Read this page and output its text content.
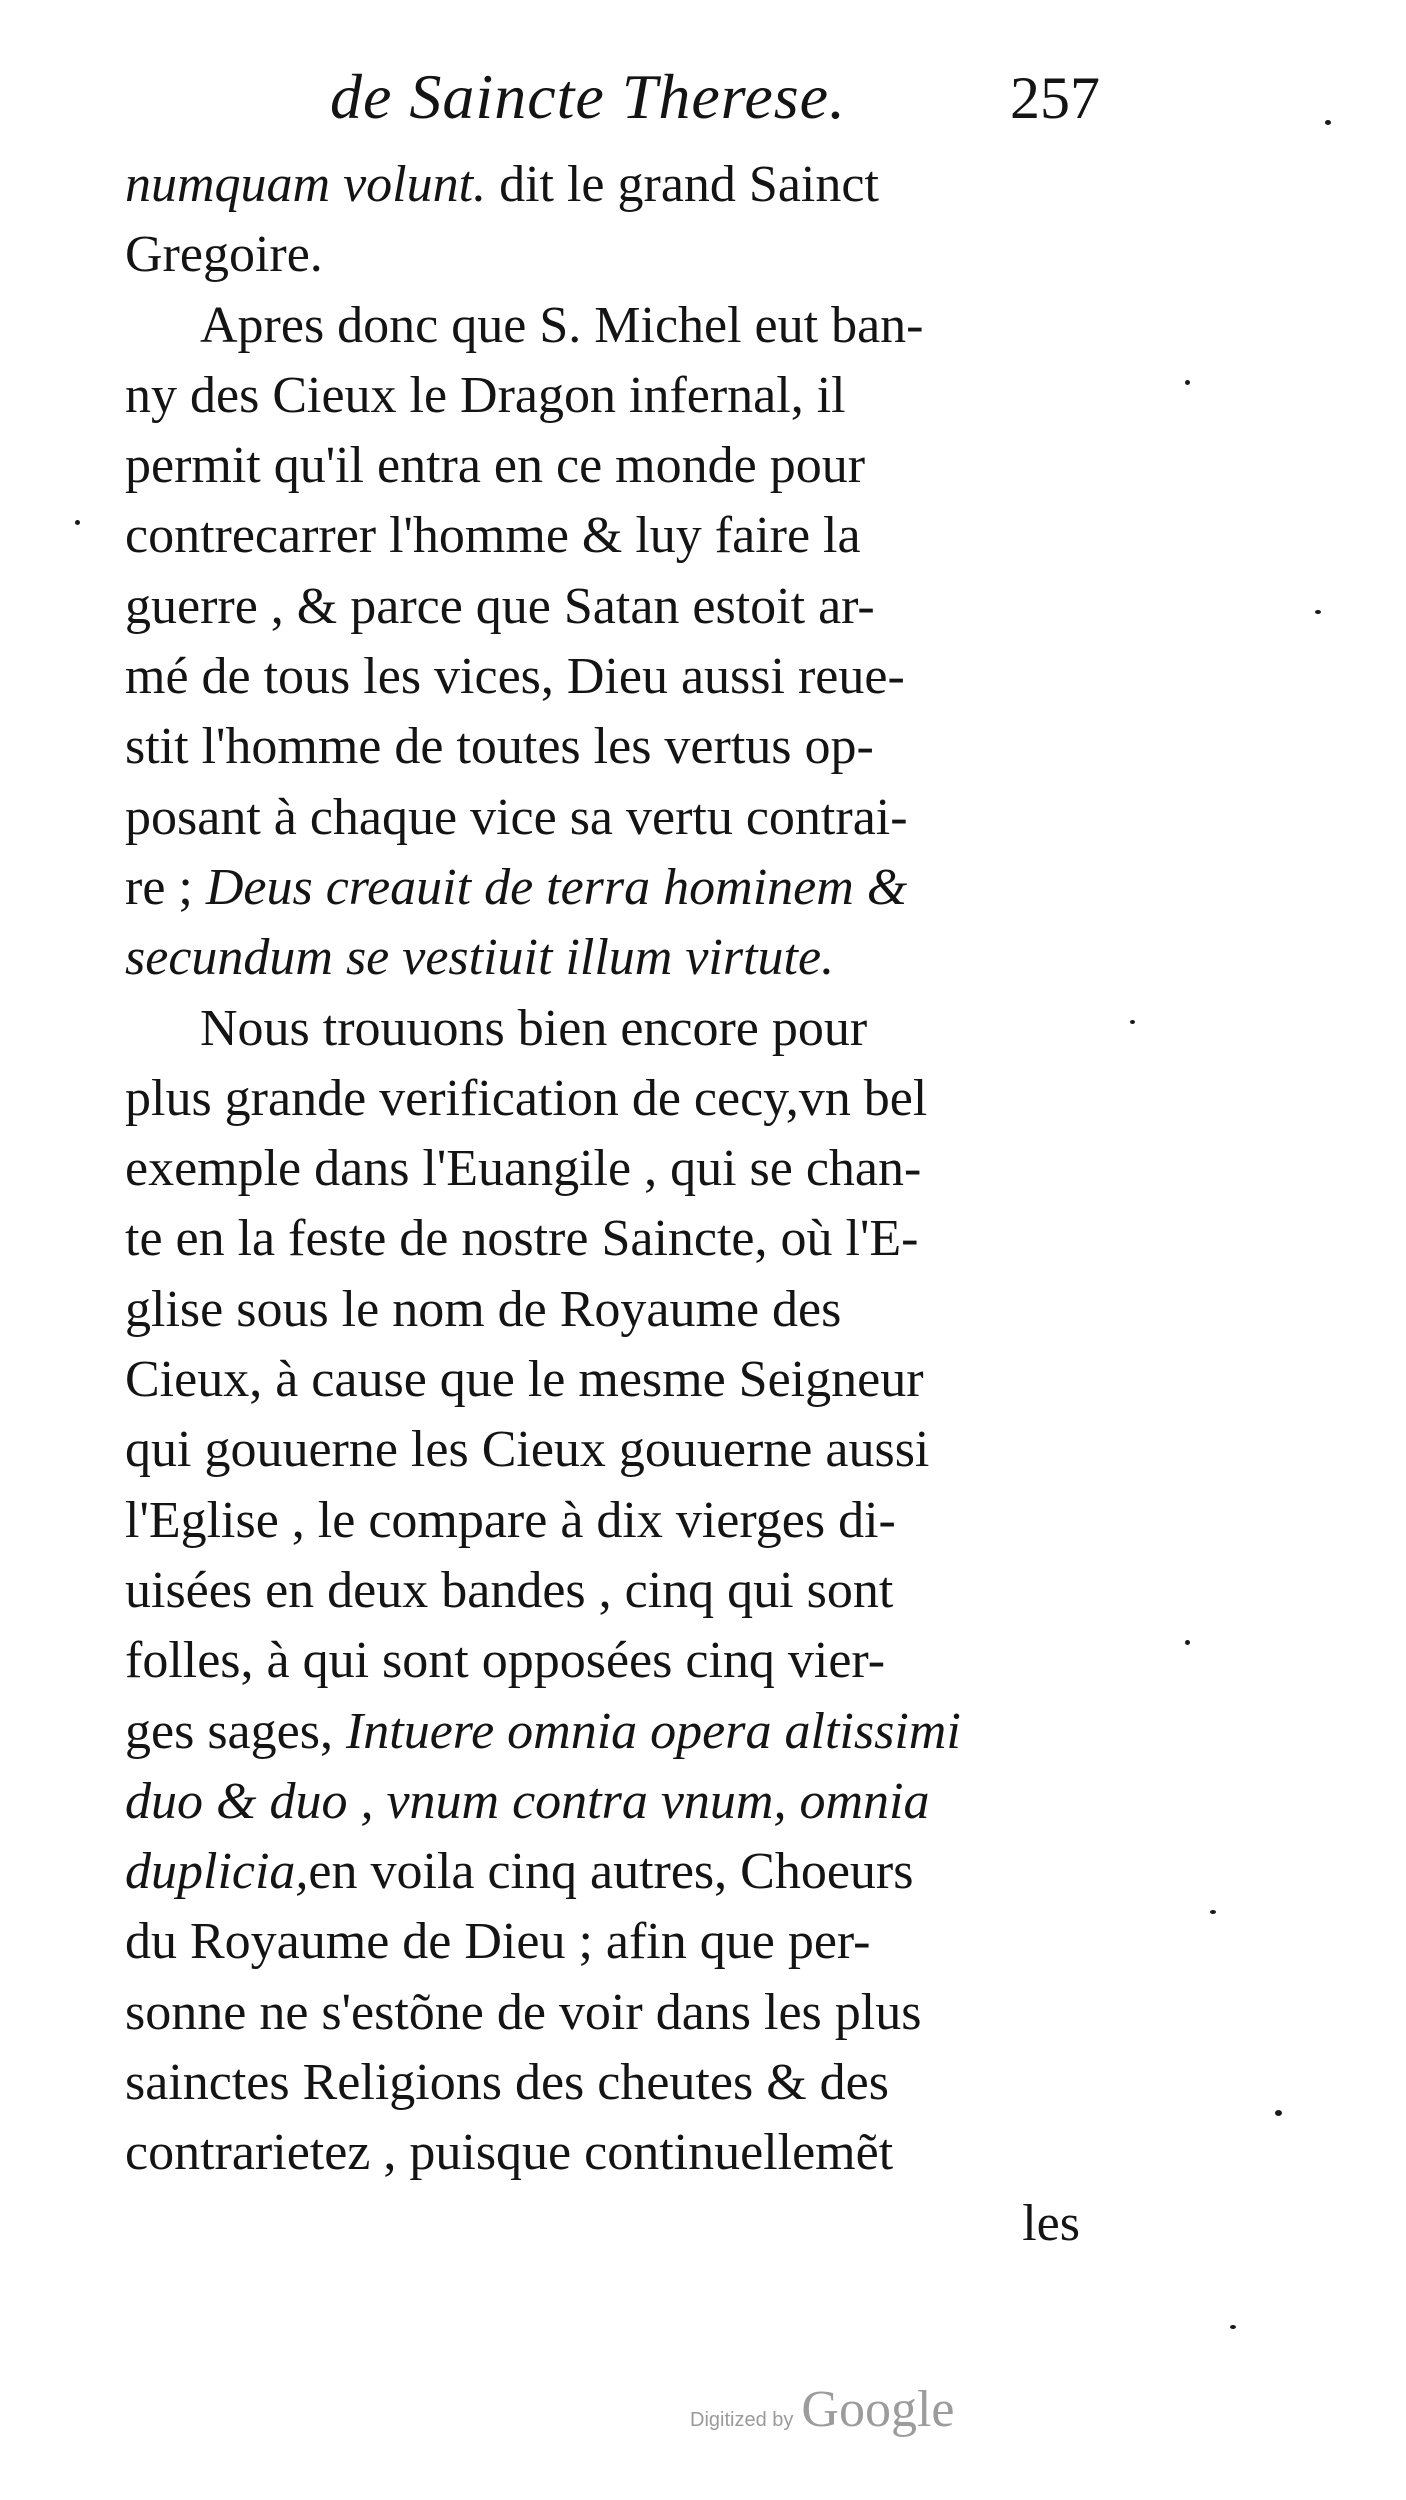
de Saincte Therese.	257
numquam volunt. dit le grand Sainct
Gregoire.
Apres donc que S. Michel eut ban-
ny des Cieux le Dragon infernal, il
permit qu'il entra en ce monde pour
contrecarrer l'homme & luy faire la
guerre , & parce que Satan estoit ar-
mé de tous les vices, Dieu aussi reue-
stit l'homme de toutes les vertus op-
posant à chaque vice sa vertu contrai-
re ; Deus creauit de terra hominem &
secundum se vestiuit illum virtute.
Nous trouuons bien encore pour
plus grande verification de cecy,vn bel
exemple dans l'Euangile , qui se chan-
te en la feste de nostre Saincte, où l'E-
glise sous le nom de Royaume des
Cieux, à cause que le mesme Seigneur
qui gouuerne les Cieux gouuerne aussi
l'Eglise , le compare à dix vierges di-
uisées en deux bandes , cinq qui sont
folles, à qui sont opposées cinq vier-
ges sages, Intuere omnia opera altissimi
duo & duo , vnum contra vnum, omnia
duplicia,en voila cinq autres, Choeurs
du Royaume de Dieu ; afin que per-
sonne ne s'estõne de voir dans les plus
sainctes Religions des cheutes & des
contrarietez , puisque continuellemẽt
les
Digitized by Google
